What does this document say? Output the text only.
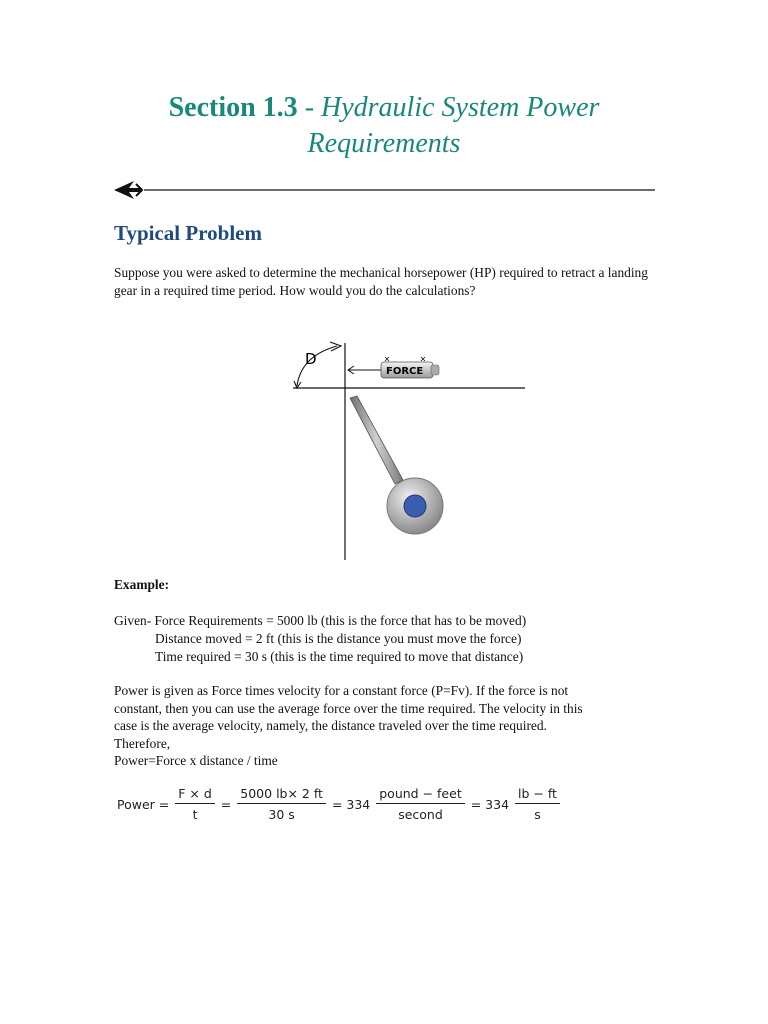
Section 1.3 - Hydraulic System Power
Requirements
Typical Problem

Suppose you were asked to determine the mechanical horsepower (HP) required to retract a landing gear in a required time period. How would you do the calculations?

D
FORCE
Example:
Given- Force Requirements = 5000 lb (this is the force that has to be moved)
Distance moved = 2 ft (this is the distance you must move the force)
Time required = 30 s (this is the time required to move that distance)

Power is given as Force times velocity for a constant force (P=Fv). If the force is not
constant, then you can use the average force over the time required. The velocity in this
case is the average velocity, namely, the distance traveled over the time required.
Therefore,
Power=Force x distance / time

Power = $\frac{F \times d}{t} = \frac{5000 lb\times 2 ft}{30 s} = 334 \frac{\text{pound − feet}}{\text{second}} = 334 \frac{lb - ft}{s}$
